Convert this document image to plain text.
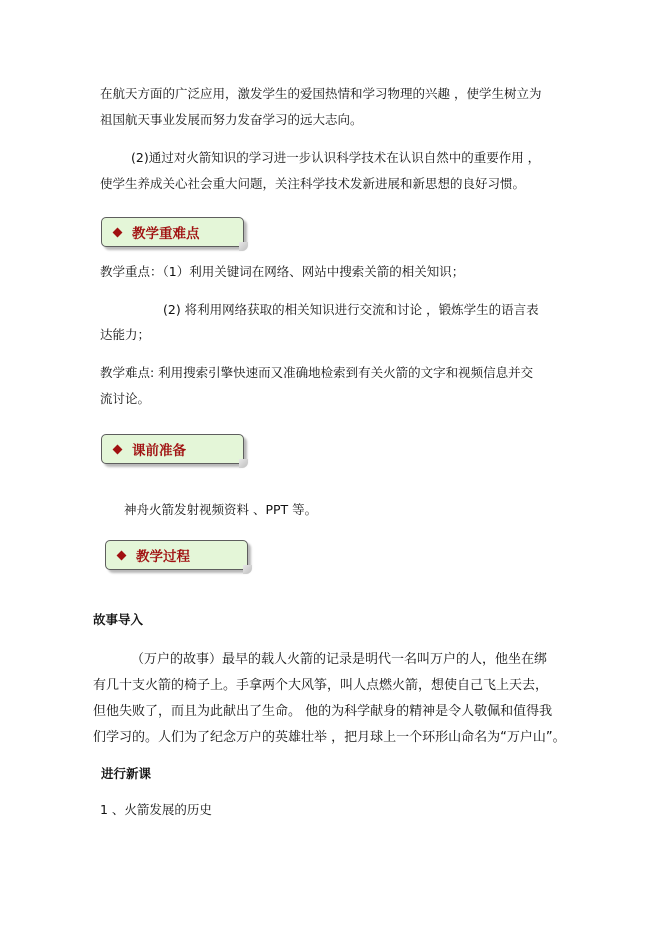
在航天方面的广泛应用，激发学生的爱国热情和学习物理的兴趣 ，使学生树立为
祖国航天事业发展而努力发奋学习的远大志向。
(2)通过对火箭知识的学习进一步认识科学技术在认识自然中的重要作用 ，
使学生养成关心社会重大问题，关注科学技术发新进展和新思想的良好习惯。
教学重难点
教学重点：（1）利用关键词在网络、网站中搜索关箭的相关知识；
(2) 将利用网络获取的相关知识进行交流和讨论 ，锻炼学生的语言表
达能力；
教学难点: 利用搜索引擎快速而又准确地检索到有关火箭的文字和视频信息并交
流讨论。
课前准备
神舟火箭发射视频资料 、PPT 等。
教学过程
故事导入
（万户的故事）最早的载人火箭的记录是明代一名叫万户的人，他坐在绑
有几十支火箭的椅子上。手拿两个大风筝，叫人点燃火箭，想使自己飞上天去，
但他失败了，而且为此献出了生命。 他的为科学献身的精神是令人敬佩和值得我
们学习的。人们为了纪念万户的英雄壮举 ，把月球上一个环形山命名为“万户山”。
进行新课
1 、火箭发展的历史
